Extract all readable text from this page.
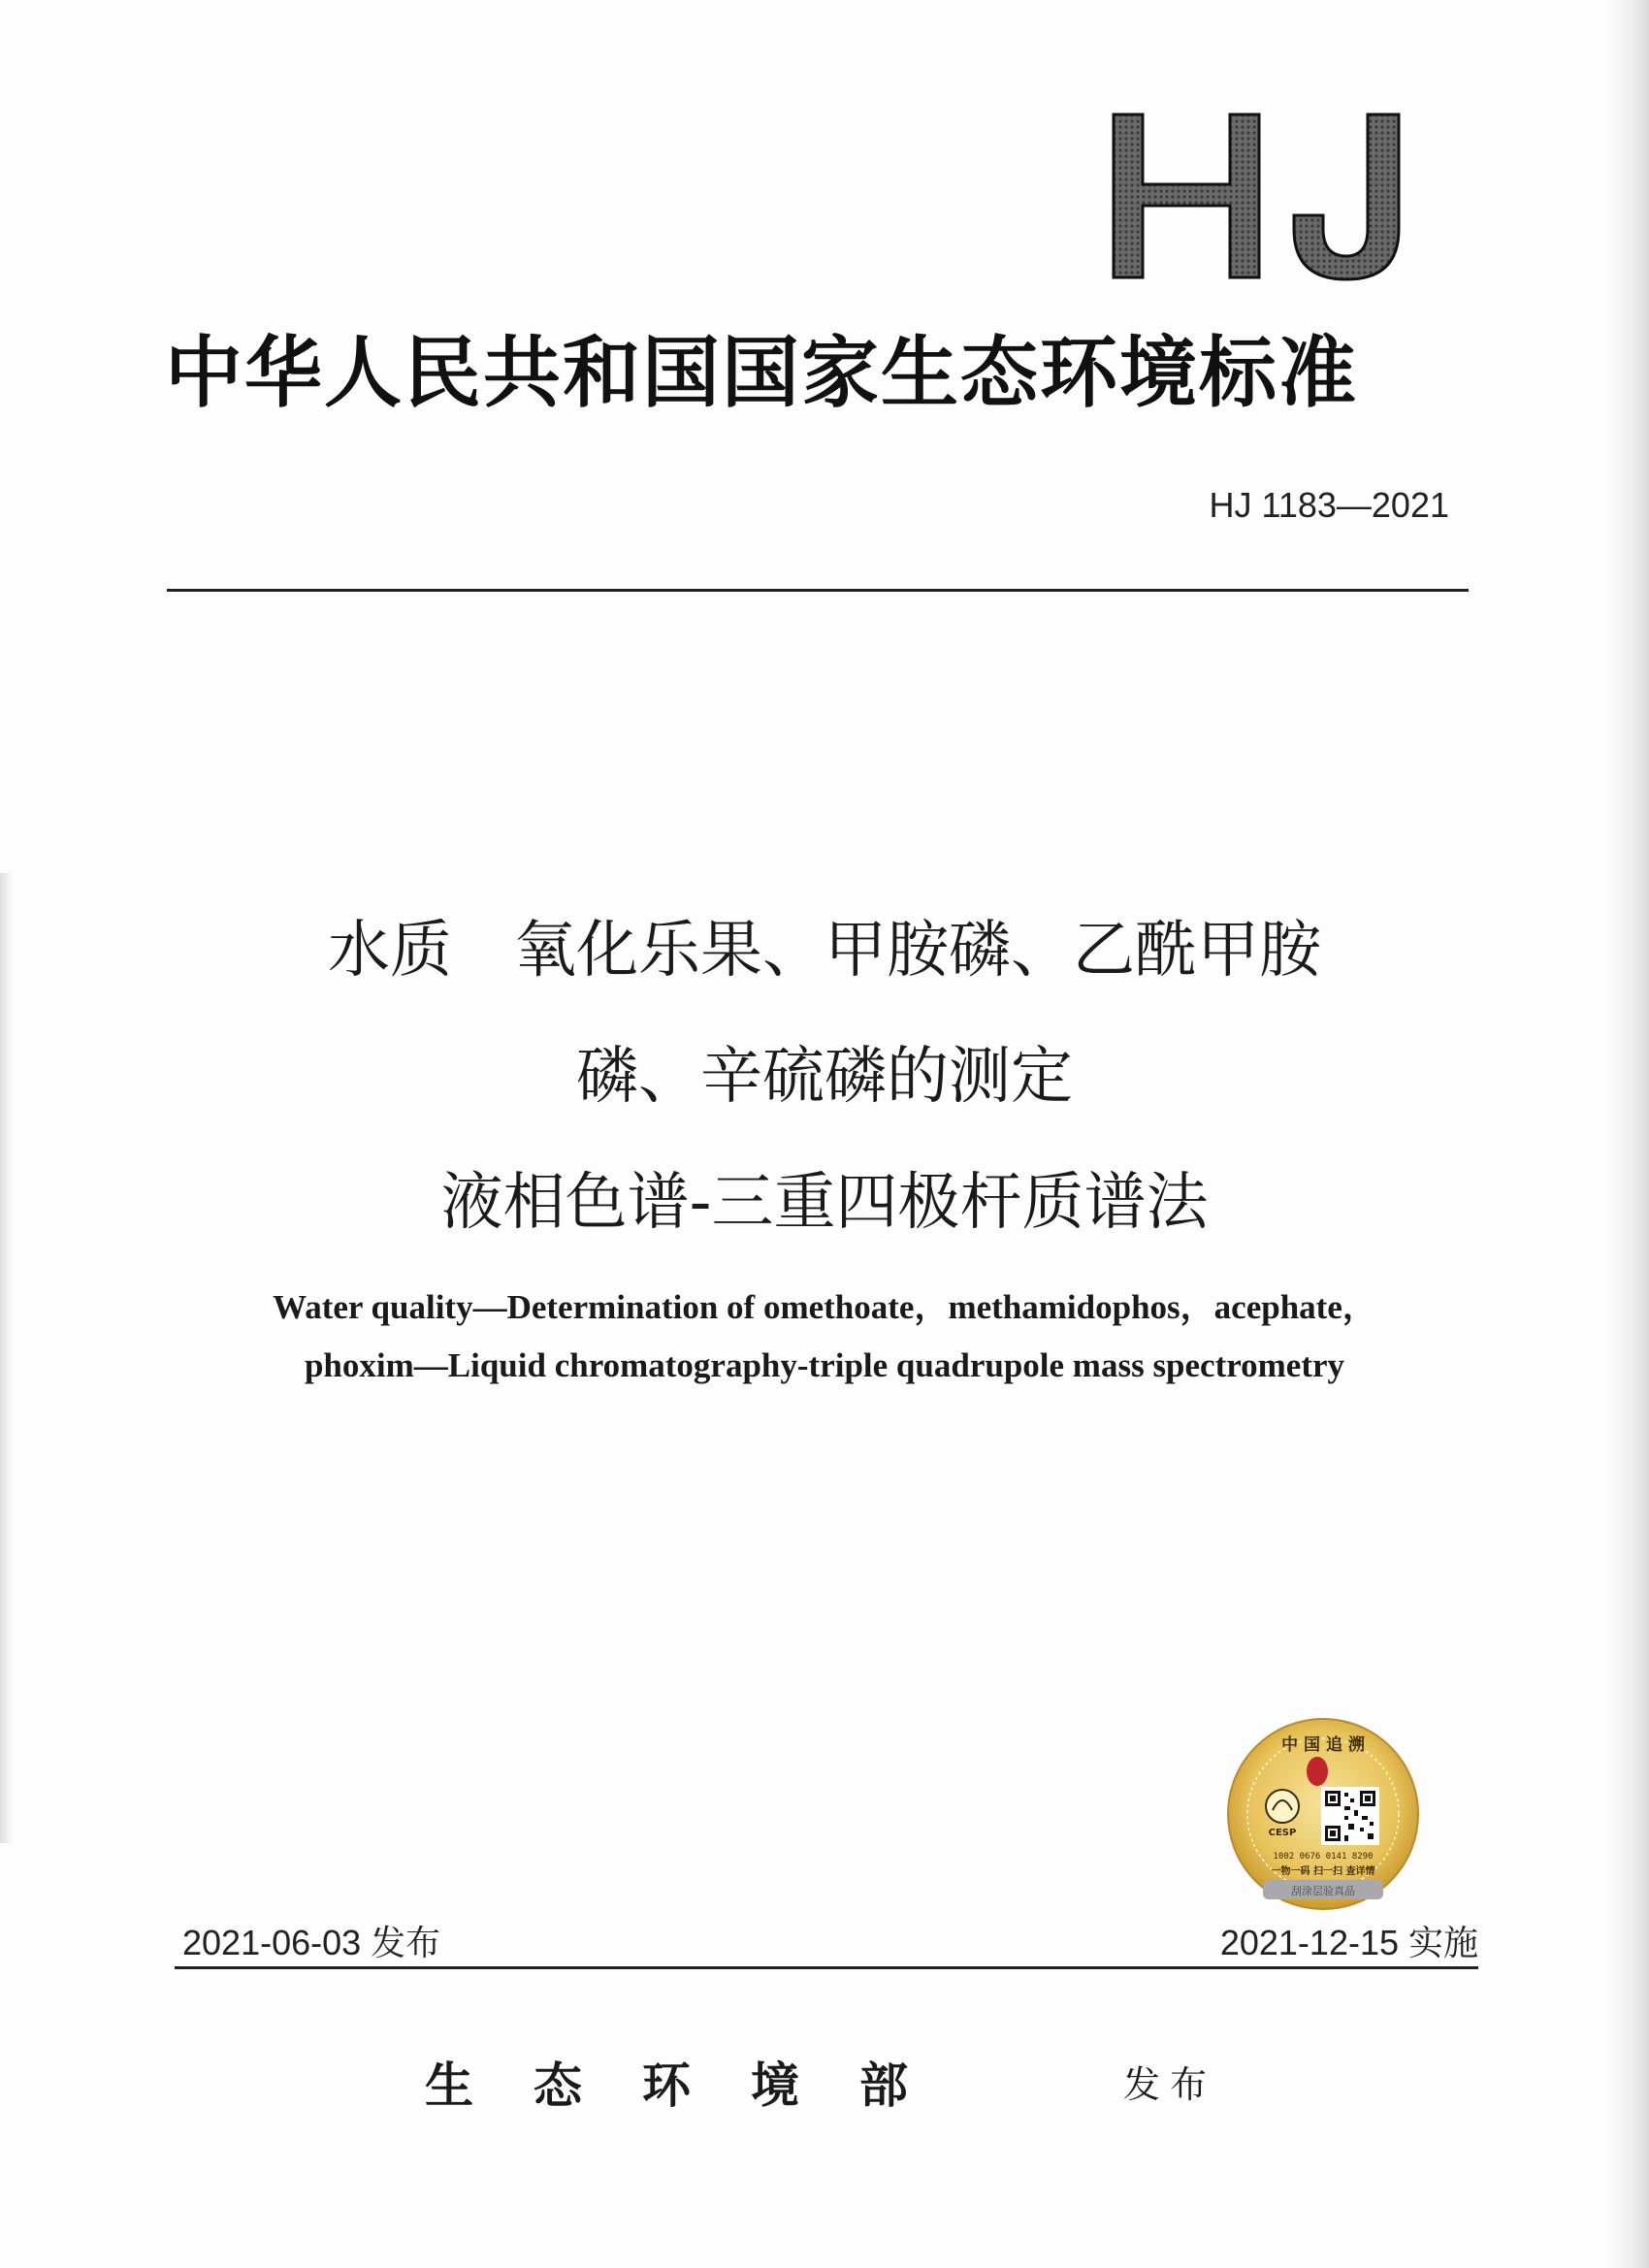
中华人民共和国国家生态环境标准
HJ 1183—2021
水质　氧化乐果、甲胺磷、乙酰甲胺
磷、辛硫磷的测定
液相色谱-三重四极杆质谱法
Water quality—Determination of omethoate，methamidophos，acephate，
phoxim—Liquid chromatography-triple quadrupole mass spectrometry
中 国 追 溯
CESP
1002 0676 0141 8290
一物一码 扫一扫 查详情
刮涂层验真品
2021-06-03 发布	2021-12-15 实施
生态环境部	发布
